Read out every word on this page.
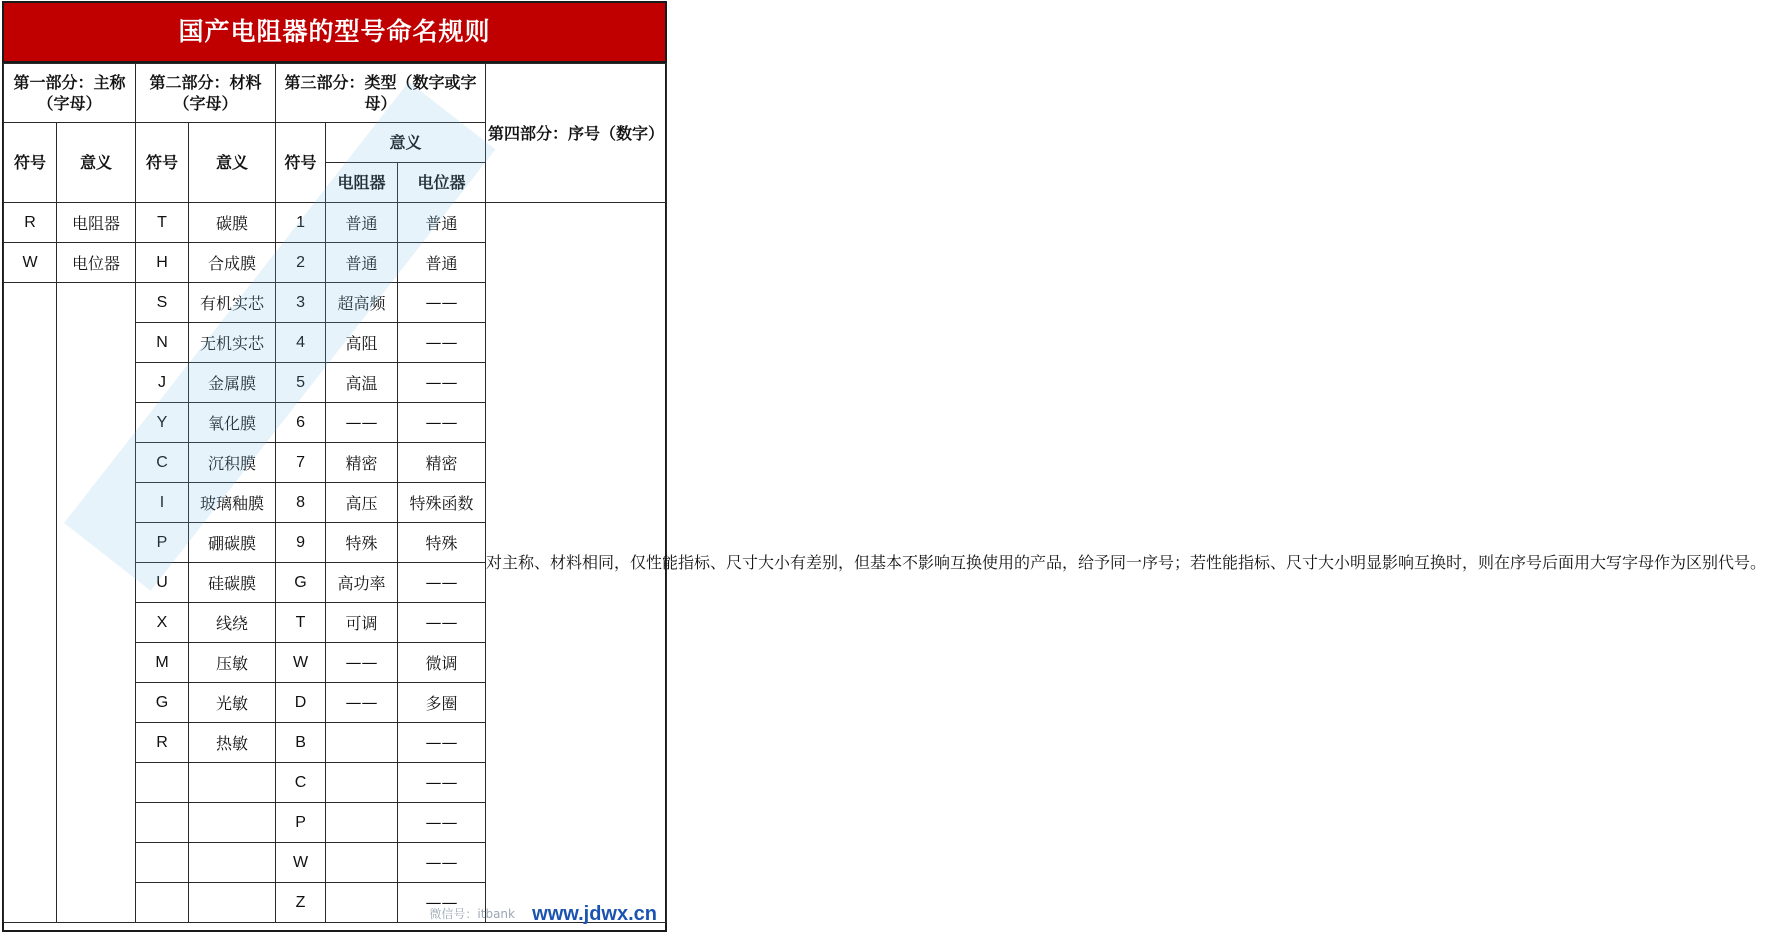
国产电阻器的型号命名规则
第一部分：主称（字母）		第二部分：材料（字母）		第三部分：类型（数字或字母）			第四部分：序号（数字）
符号	意义	符号	意义	符号	意义		
					电阻器	电位器	
R	电阻器	T	碳膜	1	普通	普通	对主称、材料相同，仅性能指标、尺寸大小有差别，但基本不影响互换使用的产品，给予同一序号；若性能指标、尺寸大小明显影响互换时，则在序号后面用大写字母作为区别代号。
W	电位器	H	合成膜	2	普通	普通	
		S	有机实芯	3	超高频	——	
		N	无机实芯	4	高阻	——	
		J	金属膜	5	高温	——	
		Y	氧化膜	6	——	——	
		C	沉积膜	7	精密	精密	
		I	玻璃釉膜	8	高压	特殊函数	
		P	硼碳膜	9	特殊	特殊	
		U	硅碳膜	G	高功率	——	
		X	线绕	T	可调	——	
		M	压敏	W	——	微调	
		G	光敏	D	——	多圈	
		R	热敏	B		——	
				C		——	
				P		——	
				W		——	
				Z		——	
微信号：itbank www.jdwx.cn
